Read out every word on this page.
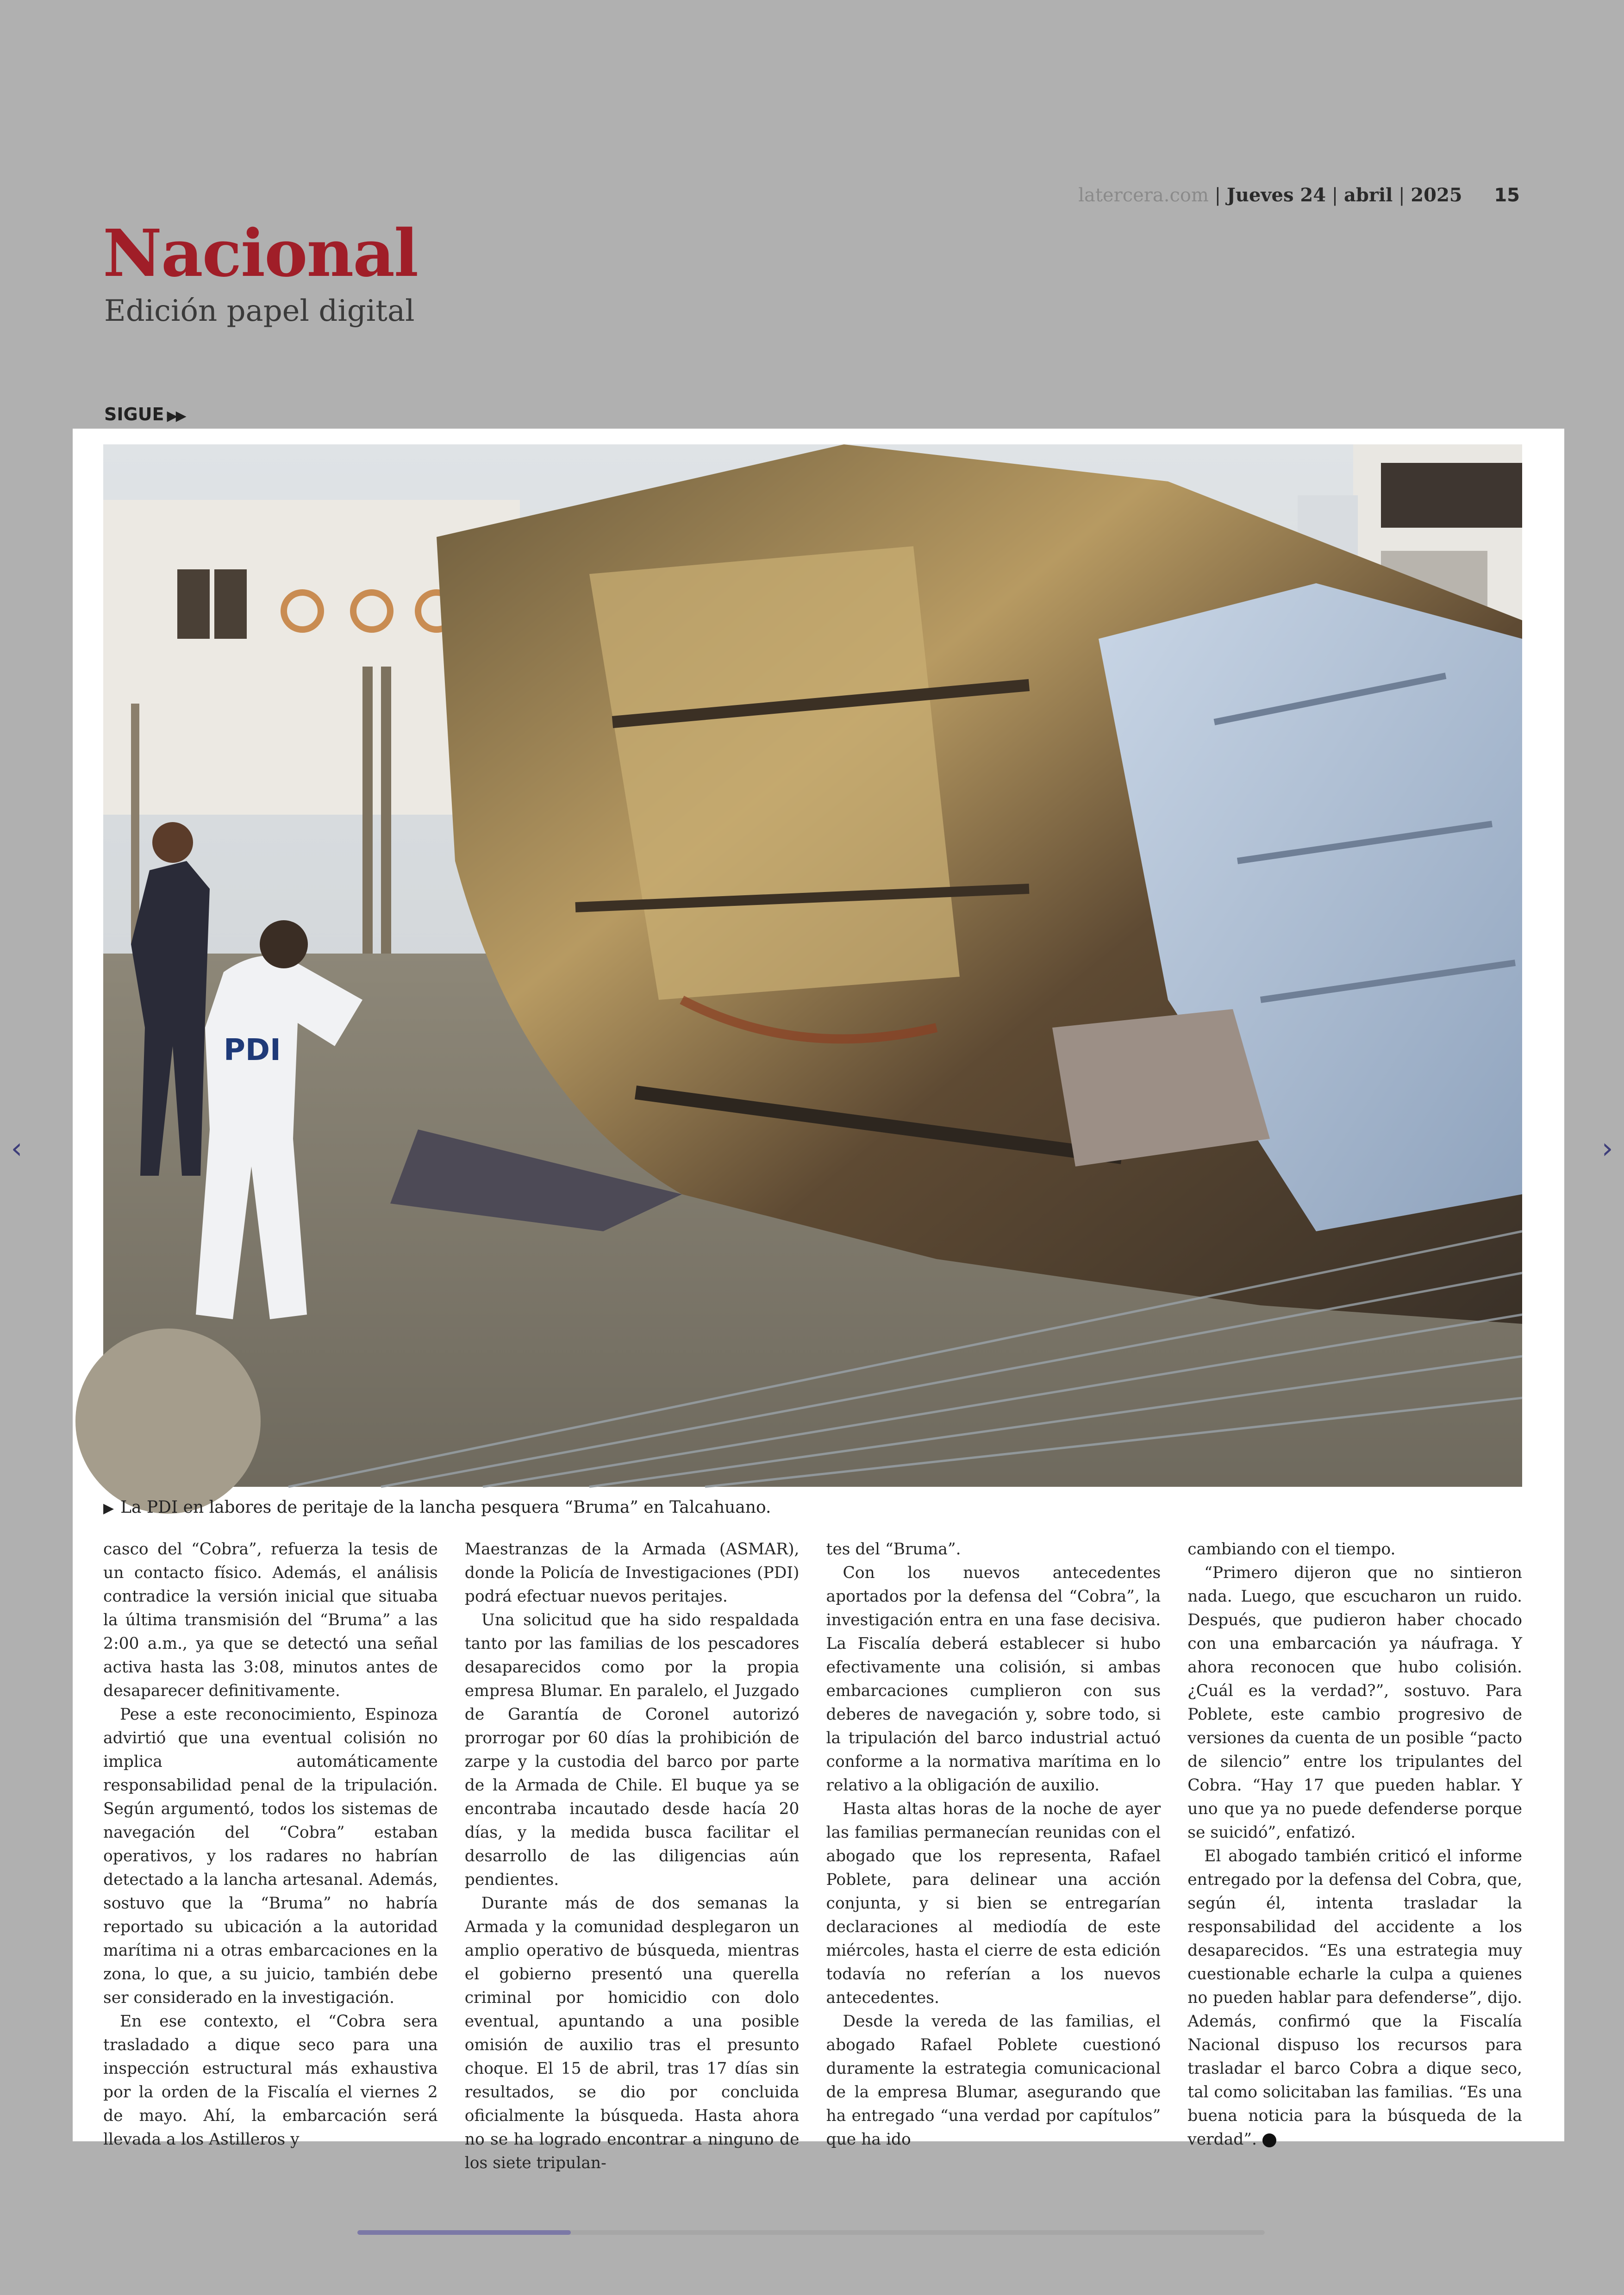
latercera.com | Jueves 24 | abril | 2025 15
Nacional
Edición papel digital
SIGUE ▶▶
PDI
▶ La PDI en labores de peritaje de la lancha pesquera “Bruma” en Talcahuano.

casco del “Cobra”, refuerza la tesis de un contacto físico. Además, el análisis contradice la versión inicial que situaba la última transmisión del “Bruma” a las 2:00 a.m., ya que se detectó una señal activa hasta las 3:08, minutos antes de desaparecer definitivamente.

Pese a este reconocimiento, Espinoza advirtió que una eventual colisión no implica automáticamente responsabilidad penal de la tripulación. Según argumentó, todos los sistemas de navegación del “Cobra” estaban operativos, y los radares no habrían detectado a la lancha artesanal. Además, sostuvo que la “Bruma” no habría reportado su ubicación a la autoridad marítima ni a otras embarcaciones en la zona, lo que, a su juicio, también debe ser considerado en la investigación.

En ese contexto, el “Cobra sera trasladado a dique seco para una inspección estructural más exhaustiva por la orden de la Fiscalía el viernes 2 de mayo. Ahí, la embarcación será llevada a los Astilleros y

Maestranzas de la Armada (ASMAR), donde la Policía de Investigaciones (PDI) podrá efectuar nuevos peritajes.

Una solicitud que ha sido respaldada tanto por las familias de los pescadores desaparecidos como por la propia empresa Blumar. En paralelo, el Juzgado de Garantía de Coronel autorizó prorrogar por 60 días la prohibición de zarpe y la custodia del barco por parte de la Armada de Chile. El buque ya se encontraba incautado desde hacía 20 días, y la medida busca facilitar el desarrollo de las diligencias aún pendientes.

Durante más de dos semanas la Armada y la comunidad desplegaron un amplio operativo de búsqueda, mientras el gobierno presentó una querella criminal por homicidio con dolo eventual, apuntando a una posible omisión de auxilio tras el presunto choque. El 15 de abril, tras 17 días sin resultados, se dio por concluida oficialmente la búsqueda. Hasta ahora no se ha logrado encontrar a ninguno de los siete tripulan-

tes del “Bruma”.

Con los nuevos antecedentes aportados por la defensa del “Cobra”, la investigación entra en una fase decisiva. La Fiscalía deberá establecer si hubo efectivamente una colisión, si ambas embarcaciones cumplieron con sus deberes de navegación y, sobre todo, si la tripulación del barco industrial actuó conforme a la normativa marítima en lo relativo a la obligación de auxilio.

Hasta altas horas de la noche de ayer las familias permanecían reunidas con el abogado que los representa, Rafael Poblete, para delinear una acción conjunta, y si bien se entregarían declaraciones al mediodía de este miércoles, hasta el cierre de esta edición todavía no referían a los nuevos antecedentes.

Desde la vereda de las familias, el abogado Rafael Poblete cuestionó duramente la estrategia comunicacional de la empresa Blumar, asegurando que ha entregado “una verdad por capítulos” que ha ido

cambiando con el tiempo.

“Primero dijeron que no sintieron nada. Luego, que escucharon un ruido. Después, que pudieron haber chocado con una embarcación ya náufraga. Y ahora reconocen que hubo colisión. ¿Cuál es la verdad?”, sostuvo. Para Poblete, este cambio progresivo de versiones da cuenta de un posible “pacto de silencio” entre los tripulantes del Cobra. “Hay 17 que pueden hablar. Y uno que ya no puede defenderse porque se suicidó”, enfatizó.

El abogado también criticó el informe entregado por la defensa del Cobra, que, según él, intenta trasladar la responsabilidad del accidente a los desaparecidos. “Es una estrategia muy cuestionable echarle la culpa a quienes no pueden hablar para defenderse”, dijo. Además, confirmó que la Fiscalía Nacional dispuso los recursos para trasladar el barco Cobra a dique seco, tal como solicitaban las familias. “Es una buena noticia para la búsqueda de la verdad”.

‹	›
